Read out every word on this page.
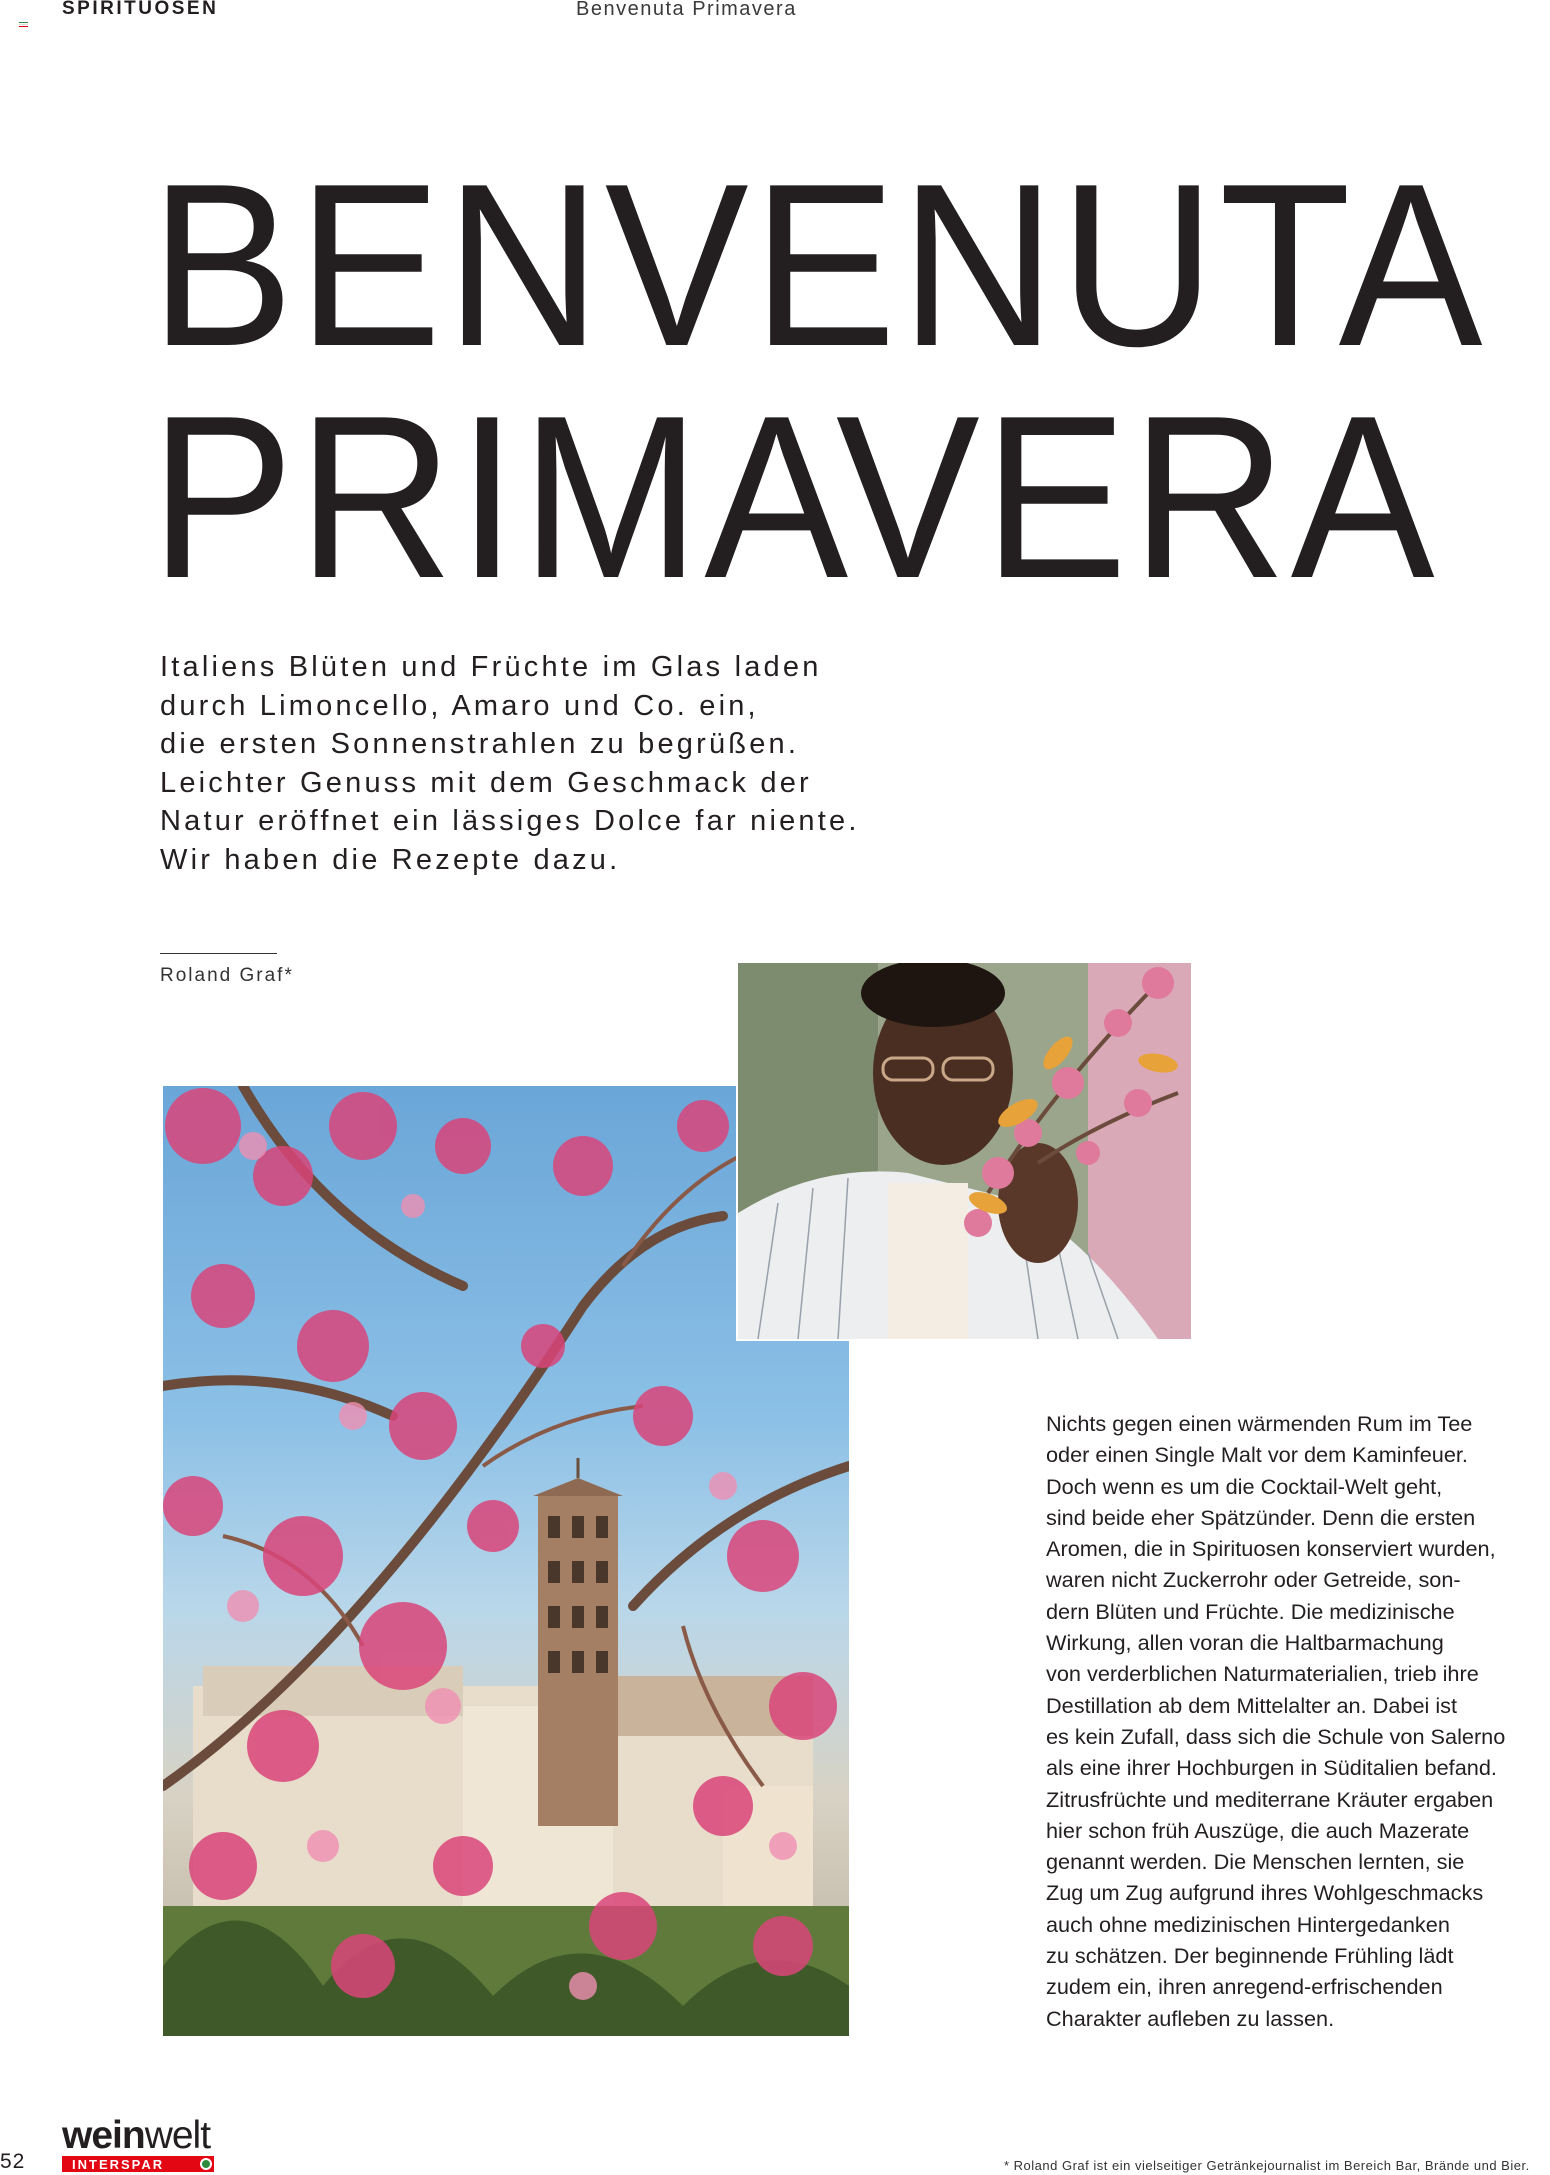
SPIRITUOSEN	Benvenuta Primavera
BENVENUTA
PRIMAVERA

Italiens Blüten und Früchte im Glas laden
durch Limoncello, Amaro und Co. ein,
die ersten Sonnenstrahlen zu begrüßen.
Leichter Genuss mit dem Geschmack der
Natur eröffnet ein lässiges Dolce far niente.
Wir haben die Rezepte dazu.

Roland Graf*

Nichts gegen einen wärmenden Rum im Tee
oder einen Single Malt vor dem Kaminfeuer.
Doch wenn es um die Cocktail-Welt geht,
sind beide eher Spätzünder. Denn die ersten
Aromen, die in Spirituosen konserviert wurden,
waren nicht Zuckerrohr oder Getreide, son-
dern Blüten und Früchte. Die medizinische
Wirkung, allen voran die Haltbarmachung
von verderblichen Naturmaterialien, trieb ihre
Destillation ab dem Mittelalter an. Dabei ist
es kein Zufall, dass sich die Schule von Salerno
als eine ihrer Hochburgen in Süditalien befand.
Zitrusfrüchte und mediterrane Kräuter ergaben
hier schon früh Auszüge, die auch Mazerate
genannt werden. Die Menschen lernten, sie
Zug um Zug aufgrund ihres Wohlgeschmacks
auch ohne medizinischen Hintergedanken
zu schätzen. Der beginnende Frühling lädt
zudem ein, ihren anregend-erfrischenden
Charakter aufleben zu lassen.

52
weinwelt
INTERSPAR	* Roland Graf ist ein vielseitiger Getränkejournalist im Bereich Bar, Brände und Bier.
